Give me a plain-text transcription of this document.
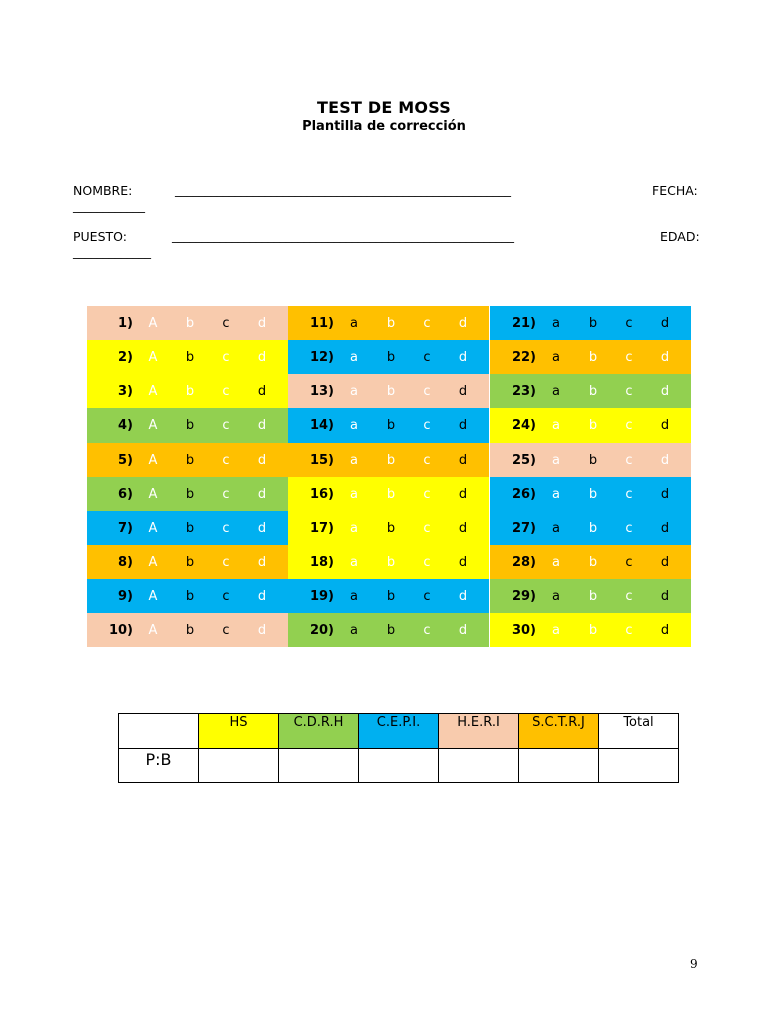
TEST DE MOSS
Plantilla de corrección
NOMBRE:	________________________________________________________	FECHA:
____________
PUESTO:	_________________________________________________________	EDAD:
_____________
1) A b c d
2) A b c d
3) A b c d
4) A b c d
5) A b c d
6) A b c d
7) A b c d
8) A b c d
9) A b c d
10) A b c d
11) a b c d
12) a b c d
13) a b c d
14) a b c d
15) a b c d
16) a b c d
17) a b c d
18) a b c d
19) a b c d
20) a b c d
21) a b c d
22) a b c d
23) a b c d
24) a b c d
25) a b c d
26) a b c d
27) a b c d
28) a b c d
29) a b c d
30) a b c d

	HS	C.D.R.H	C.E.P.I.	H.E.R.I	S.C.T.R.J	Total

P:B						

9
